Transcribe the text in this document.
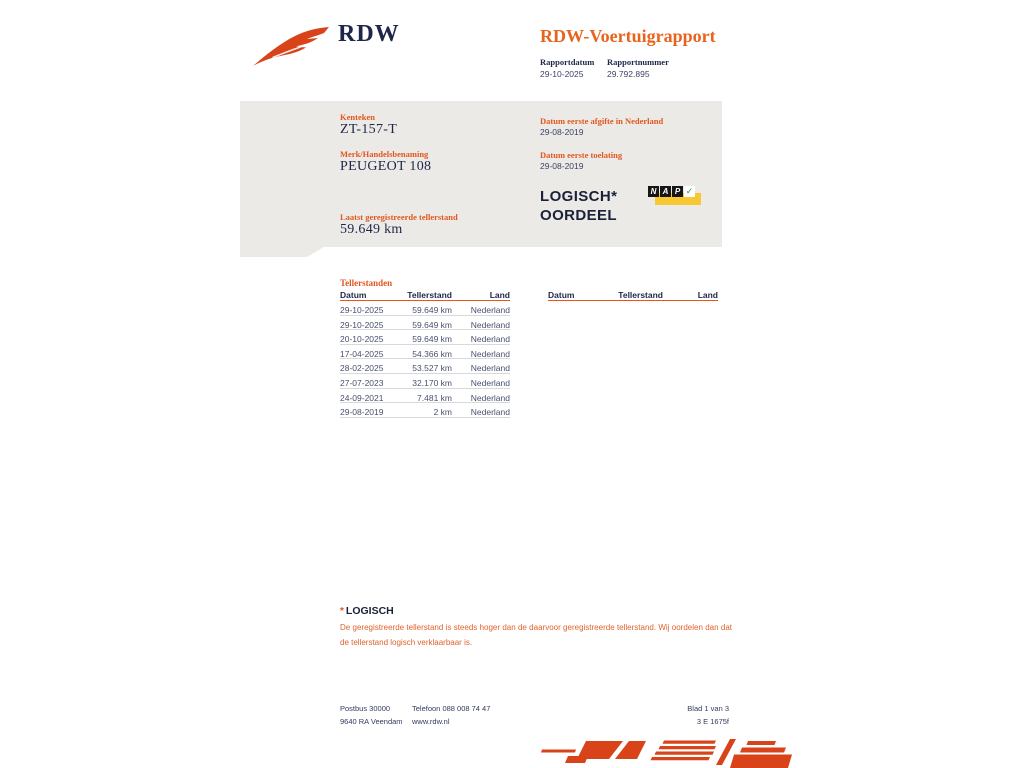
RDW	RDW-Voertuigrapport
Rapportdatum Rapportnummer
29-10-2025	29.792.895
Kenteken
ZT-157-T
Merk/Handelsbenaming
PEUGEOT 108
Laatst geregistreerde tellerstand
59.649 km
Datum eerste afgifte in Nederland
29-08-2019
Datum eerste toelating
29-08-2019
LOGISCH*
OORDEEL
N A P ✓
Tellerstanden
Datum	Tellerstand	Land
29-10-2025	59.649 km Nederland
29-10-2025	59.649 km Nederland
20-10-2025	59.649 km Nederland
17-04-2025	54.366 km Nederland
28-02-2025	53.527 km Nederland
27-07-2023	32.170 km Nederland
24-09-2021	7.481 km Nederland
29-08-2019	2 km Nederland
Datum	Tellerstand	Land
* LOGISCH
De geregistreerde tellerstand is steeds hoger dan de daarvoor geregistreerde tellerstand. Wij oordelen dan dat de tellerstand logisch verklaarbaar is.
Postbus 30000
9640 RA Veendam
Telefoon 088 008 74 47
www.rdw.nl
Blad 1 van 3
3 E 1675f
